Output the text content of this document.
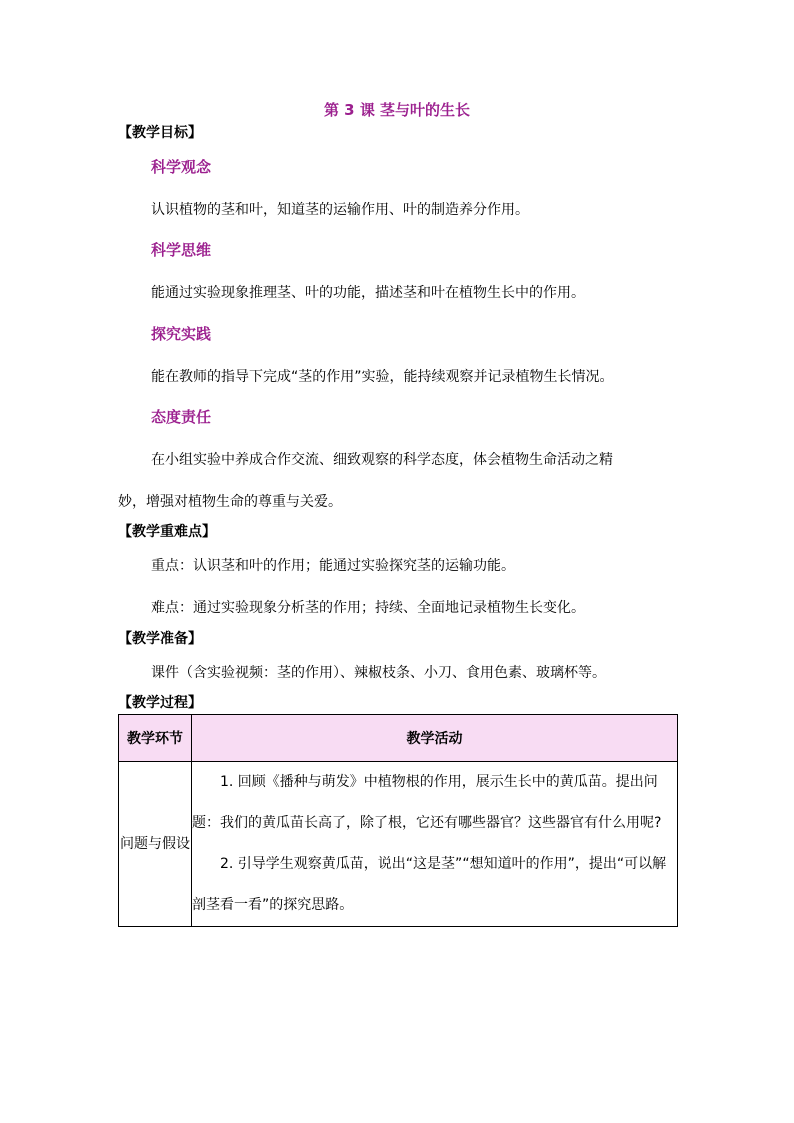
第 3 课 茎与叶的生长
【教学目标】
科学观念
认识植物的茎和叶，知道茎的运输作用、叶的制造养分作用。
科学思维
能通过实验现象推理茎、叶的功能，描述茎和叶在植物生长中的作用。
探究实践
能在教师的指导下完成“茎的作用”实验，能持续观察并记录植物生长情况。
态度责任
在小组实验中养成合作交流、细致观察的科学态度，体会植物生命活动之精
妙，增强对植物生命的尊重与关爱。
【教学重难点】
重点：认识茎和叶的作用；能通过实验探究茎的运输功能。
难点：通过实验现象分析茎的作用；持续、全面地记录植物生长变化。
【教学准备】
课件（含实验视频：茎的作用）、辣椒枝条、小刀、食用色素、玻璃杯等。
【教学过程】
教学环节	教学活动
问题与假设	1. 回顾《播种与萌发》中植物根的作用，展示生长中的黄瓜苗。提出问题：我们的黄瓜苗长高了，除了根，它还有哪些器官？这些器官有什么用呢?
2. 引导学生观察黄瓜苗，说出“这是茎”“想知道叶的作用”，提出“可以解剖茎看一看”的探究思路。
